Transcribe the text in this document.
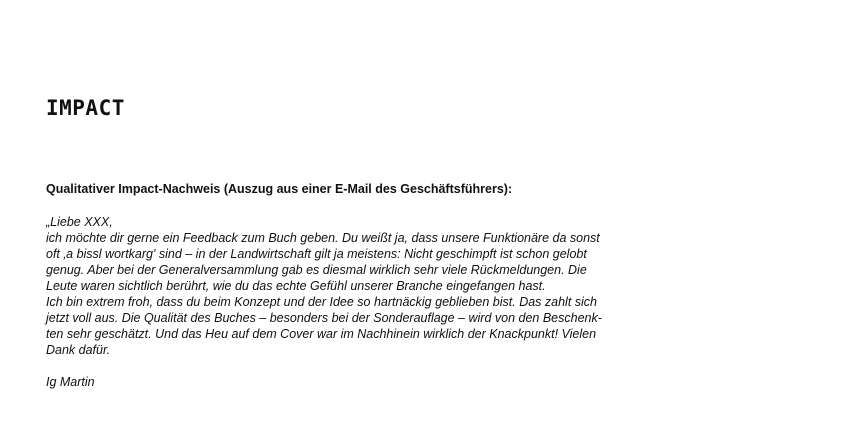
IMPACT

Qualitativer Impact-Nachweis (Auszug aus einer E-Mail des Geschäftsführers):

„Liebe XXX,
ich möchte dir gerne ein Feedback zum Buch geben. Du weißt ja, dass unsere Funktionäre da sonst
oft ‚a bissl wortkarg' sind – in der Landwirtschaft gilt ja meistens: Nicht geschimpft ist schon gelobt
genug. Aber bei der Generalversammlung gab es diesmal wirklich sehr viele Rückmeldungen. Die
Leute waren sichtlich berührt, wie du das echte Gefühl unserer Branche eingefangen hast.
Ich bin extrem froh, dass du beim Konzept und der Idee so hartnäckig geblieben bist. Das zahlt sich
jetzt voll aus. Die Qualität des Buches – besonders bei der Sonderauflage – wird von den Beschenk-
ten sehr geschätzt. Und das Heu auf dem Cover war im Nachhinein wirklich der Knackpunkt! Vielen
Dank dafür.
Ig Martin
